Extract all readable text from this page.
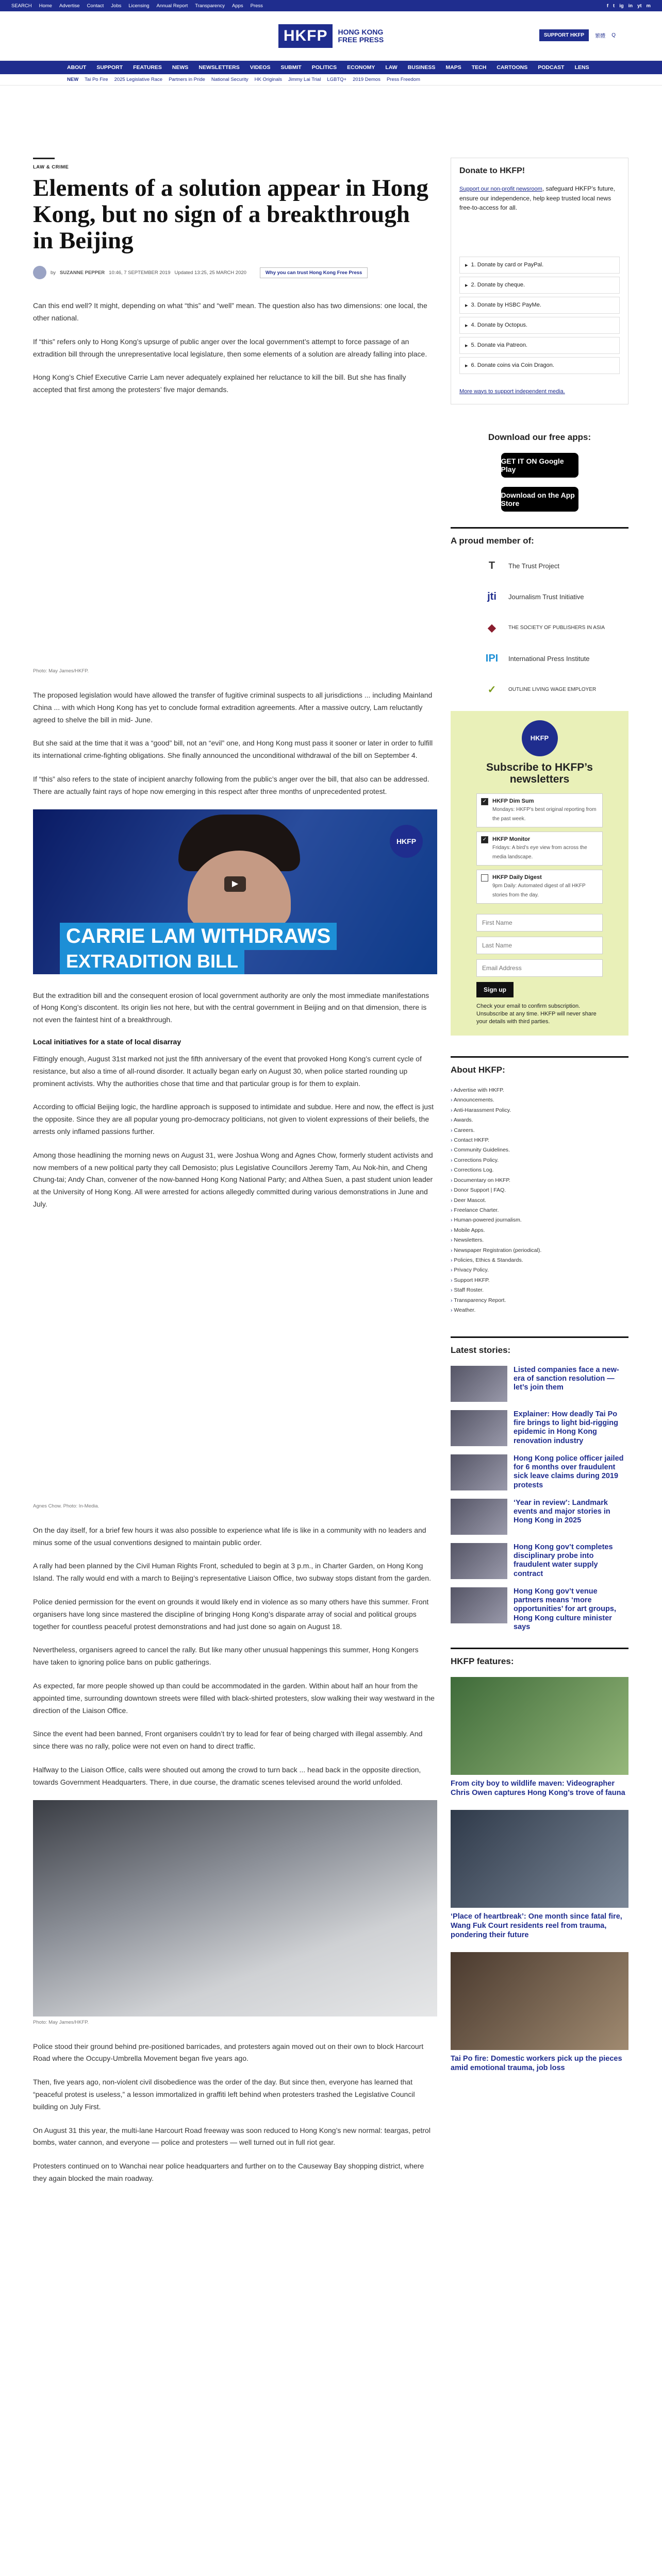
SEARCH Home Advertise Contact Jobs Licensing Annual Report Transparency Apps Press	f t ig in yt m
HKFP	HONG KONG
FREE PRESS	SUPPORT HKFP	繁體 Q
ABOUT SUPPORT FEATURES NEWS NEWSLETTERS VIDEOS SUBMIT POLITICS ECONOMY LAW BUSINESS MAPS TECH CARTOONS PODCAST LENS
NEW Tai Po Fire 2025 Legislative Race Partners in Pride National Security HK Originals Jimmy Lai Trial LGBTQ+ 2019 Demos Press Freedom
LAW & CRIME
Elements of a solution appear in Hong Kong, but no sign of a breakthrough in Beijing
by SUZANNE PEPPER 10:46, 7 SEPTEMBER 2019 Updated 13:25, 25 MARCH 2020	Why you can trust Hong Kong Free Press

Can this end well? It might, depending on what “this” and “well” mean. The question also has two dimensions: one local, the other national.

If “this” refers only to Hong Kong’s upsurge of public anger over the local government’s attempt to force passage of an extradition bill through the unrepresentative local legislature, then some elements of a solution are already falling into place.

Hong Kong’s Chief Executive Carrie Lam never adequately explained her reluctance to kill the bill. But she has finally accepted that first among the protesters’ five major demands.

Photo: May James/HKFP.

The proposed legislation would have allowed the transfer of fugitive criminal suspects to all jurisdictions ... including Mainland China ... with which Hong Kong has yet to conclude formal extradition agreements. After a massive outcry, Lam reluctantly agreed to shelve the bill in mid- June.

But she said at the time that it was a “good” bill, not an “evil” one, and Hong Kong must pass it sooner or later in order to fulfill its international crime-fighting obligations. She finally announced the unconditional withdrawal of the bill on September 4.

If “this” also refers to the state of incipient anarchy following from the public’s anger over the bill, that also can be addressed. There are actually faint rays of hope now emerging in this respect after three months of unprecedented protest.

HKFP
▶
CARRIE LAM WITHDRAWS
EXTRADITION BILL

But the extradition bill and the consequent erosion of local government authority are only the most immediate manifestations of Hong Kong’s discontent. Its origin lies not here, but with the central government in Beijing and on that dimension, there is not even the faintest hint of a breakthrough.

Local initiatives for a state of local disarray

Fittingly enough, August 31st marked not just the fifth anniversary of the event that provoked Hong Kong’s current cycle of resistance, but also a time of all-round disorder. It actually began early on August 30, when police started rounding up prominent activists. Why the authorities chose that time and that particular group is for them to explain.

According to official Beijing logic, the hardline approach is supposed to intimidate and subdue. Here and now, the effect is just the opposite. Since they are all popular young pro-democracy politicians, not given to violent expressions of their beliefs, the arrests only inflamed passions further.

Among those headlining the morning news on August 31, were Joshua Wong and Agnes Chow, formerly student activists and now members of a new political party they call Demosisto; plus Legislative Councillors Jeremy Tam, Au Nok-hin, and Cheng Chung-tai; Andy Chan, convener of the now-banned Hong Kong National Party; and Althea Suen, a past student union leader at the University of Hong Kong. All were arrested for actions allegedly committed during various demonstrations in June and July.

Agnes Chow. Photo: In-Media.

On the day itself, for a brief few hours it was also possible to experience what life is like in a community with no leaders and minus some of the usual conventions designed to maintain public order.

A rally had been planned by the Civil Human Rights Front, scheduled to begin at 3 p.m., in Charter Garden, on Hong Kong Island. The rally would end with a march to Beijing’s representative Liaison Office, two subway stops distant from the garden.

Police denied permission for the event on grounds it would likely end in violence as so many others have this summer. Front organisers have long since mastered the discipline of bringing Hong Kong’s disparate array of social and political groups together for countless peaceful protest demonstrations and had just done so again on August 18.

Nevertheless, organisers agreed to cancel the rally. But like many other unusual happenings this summer, Hong Kongers have taken to ignoring police bans on public gatherings.

As expected, far more people showed up than could be accommodated in the garden. Within about half an hour from the appointed time, surrounding downtown streets were filled with black-shirted protesters, slow walking their way westward in the direction of the Liaison Office.

Since the event had been banned, Front organisers couldn’t try to lead for fear of being charged with illegal assembly. And since there was no rally, police were not even on hand to direct traffic.

Halfway to the Liaison Office, calls were shouted out among the crowd to turn back ... head back in the opposite direction, towards Government Headquarters. There, in due course, the dramatic scenes televised around the world unfolded.

Photo: May James/HKFP.

Police stood their ground behind pre-positioned barricades, and protesters again moved out on their own to block Harcourt Road where the Occupy-Umbrella Movement began five years ago.

Then, five years ago, non-violent civil disobedience was the order of the day. But since then, everyone has learned that “peaceful protest is useless,” a lesson immortalized in graffiti left behind when protesters trashed the Legislative Council building on July First.

On August 31 this year, the multi-lane Harcourt Road freeway was soon reduced to Hong Kong’s new normal: teargas, petrol bombs, water cannon, and everyone — police and protesters — well turned out in full riot gear.

Protesters continued on to Wanchai near police headquarters and further on to the Causeway Bay shopping district, where they again blocked the main roadway.

Donate to HKFP!

Support our non-profit newsroom, safeguard HKFP’s future, ensure our independence, help keep trusted local news free-to-access for all.

▸ 1. Donate by card or PayPal.
▸ 2. Donate by cheque.
▸ 3. Donate by HSBC PayMe.
▸ 4. Donate by Octopus.
▸ 5. Donate via Patreon.
▸ 6. Donate coins via Coin Dragon.
More ways to support independent media.
Download our free apps:
GET IT ON Google Play
Download on the App Store
A proud member of:
T	The Trust Project
jti	Journalism Trust Initiative
◆	THE SOCIETY OF PUBLISHERS IN ASIA
IPI	International Press Institute
✓	OUTLINE LIVING WAGE EMPLOYER
HKFP
Subscribe to HKFP’s newsletters
✓ HKFP Dim Sum
Mondays: HKFP’s best original reporting from the past week.
✓ HKFP Monitor
Fridays: A bird’s eye view from across the media landscape.
HKFP Daily Digest
9pm Daily: Automated digest of all HKFP stories from the day.
First Name Last Name Email Address Sign up

Check your email to confirm subscription. Unsubscribe at any time. HKFP will never share your details with third parties.

About HKFP:
› Advertise with HKFP.
› Announcements.
› Anti-Harassment Policy.
› Awards.
› Careers.
› Contact HKFP.
› Community Guidelines.
› Corrections Policy.
› Corrections Log.
› Documentary on HKFP.
› Donor Support | FAQ.
› Deer Mascot.
› Freelance Charter.
› Human-powered journalism.
› Mobile Apps.
› Newsletters.
› Newspaper Registration (periodical).
› Policies, Ethics & Standards.
› Privacy Policy.
› Support HKFP.
› Staff Roster.
› Transparency Report.
› Weather.
Latest stories:
Listed companies face a new-era of sanction resolution — let’s join them
Explainer: How deadly Tai Po fire brings to light bid-rigging epidemic in Hong Kong renovation industry
Hong Kong police officer jailed for 6 months over fraudulent sick leave claims during 2019 protests
‘Year in review’: Landmark events and major stories in Hong Kong in 2025
Hong Kong gov’t completes disciplinary probe into fraudulent water supply contract
Hong Kong gov’t venue partners means ‘more opportunities’ for art groups, Hong Kong culture minister says
HKFP features:
From city boy to wildlife maven: Videographer Chris Owen captures Hong Kong’s trove of fauna
‘Place of heartbreak’: One month since fatal fire, Wang Fuk Court residents reel from trauma, pondering their future
Tai Po fire: Domestic workers pick up the pieces amid emotional trauma, job loss
